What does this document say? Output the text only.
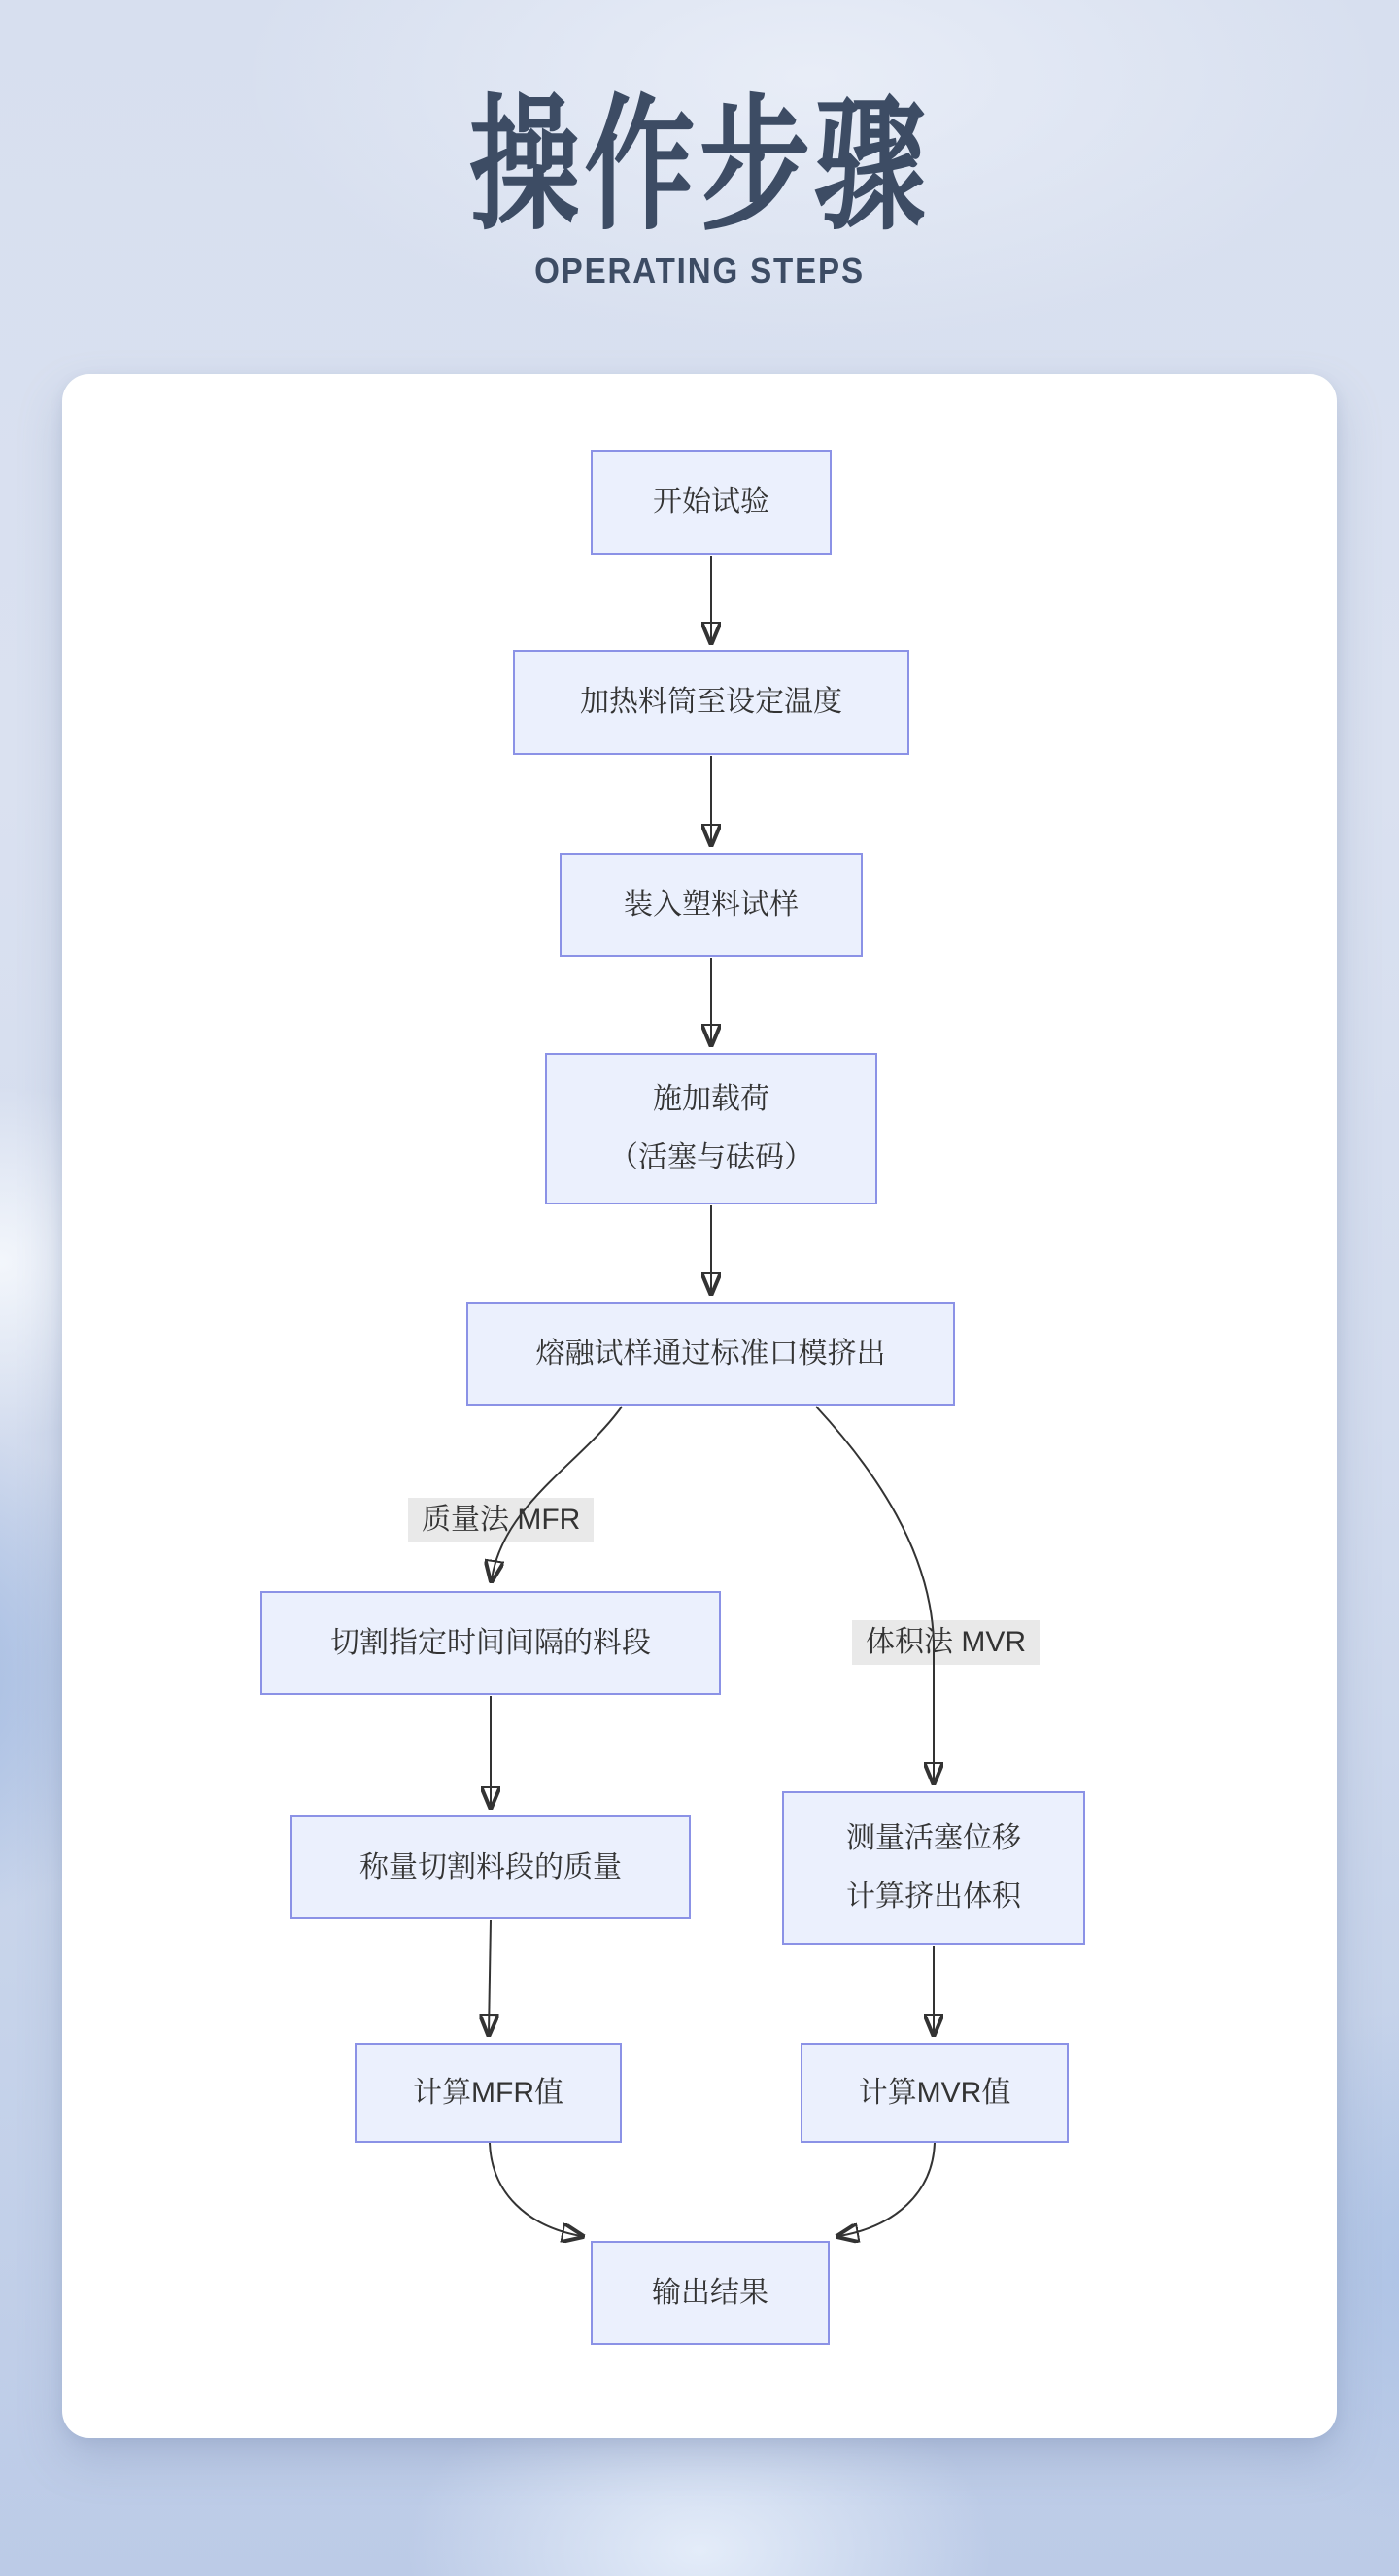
操作步骤
OPERATING STEPS
质量法 MFR
体积法 MVR
开始试验
加热料筒至设定温度
装入塑料试样
施加载荷
（活塞与砝码）
熔融试样通过标准口模挤出
切割指定时间间隔的料段
称量切割料段的质量
测量活塞位移
计算挤出体积
计算MFR值	计算MVR值
输出结果
